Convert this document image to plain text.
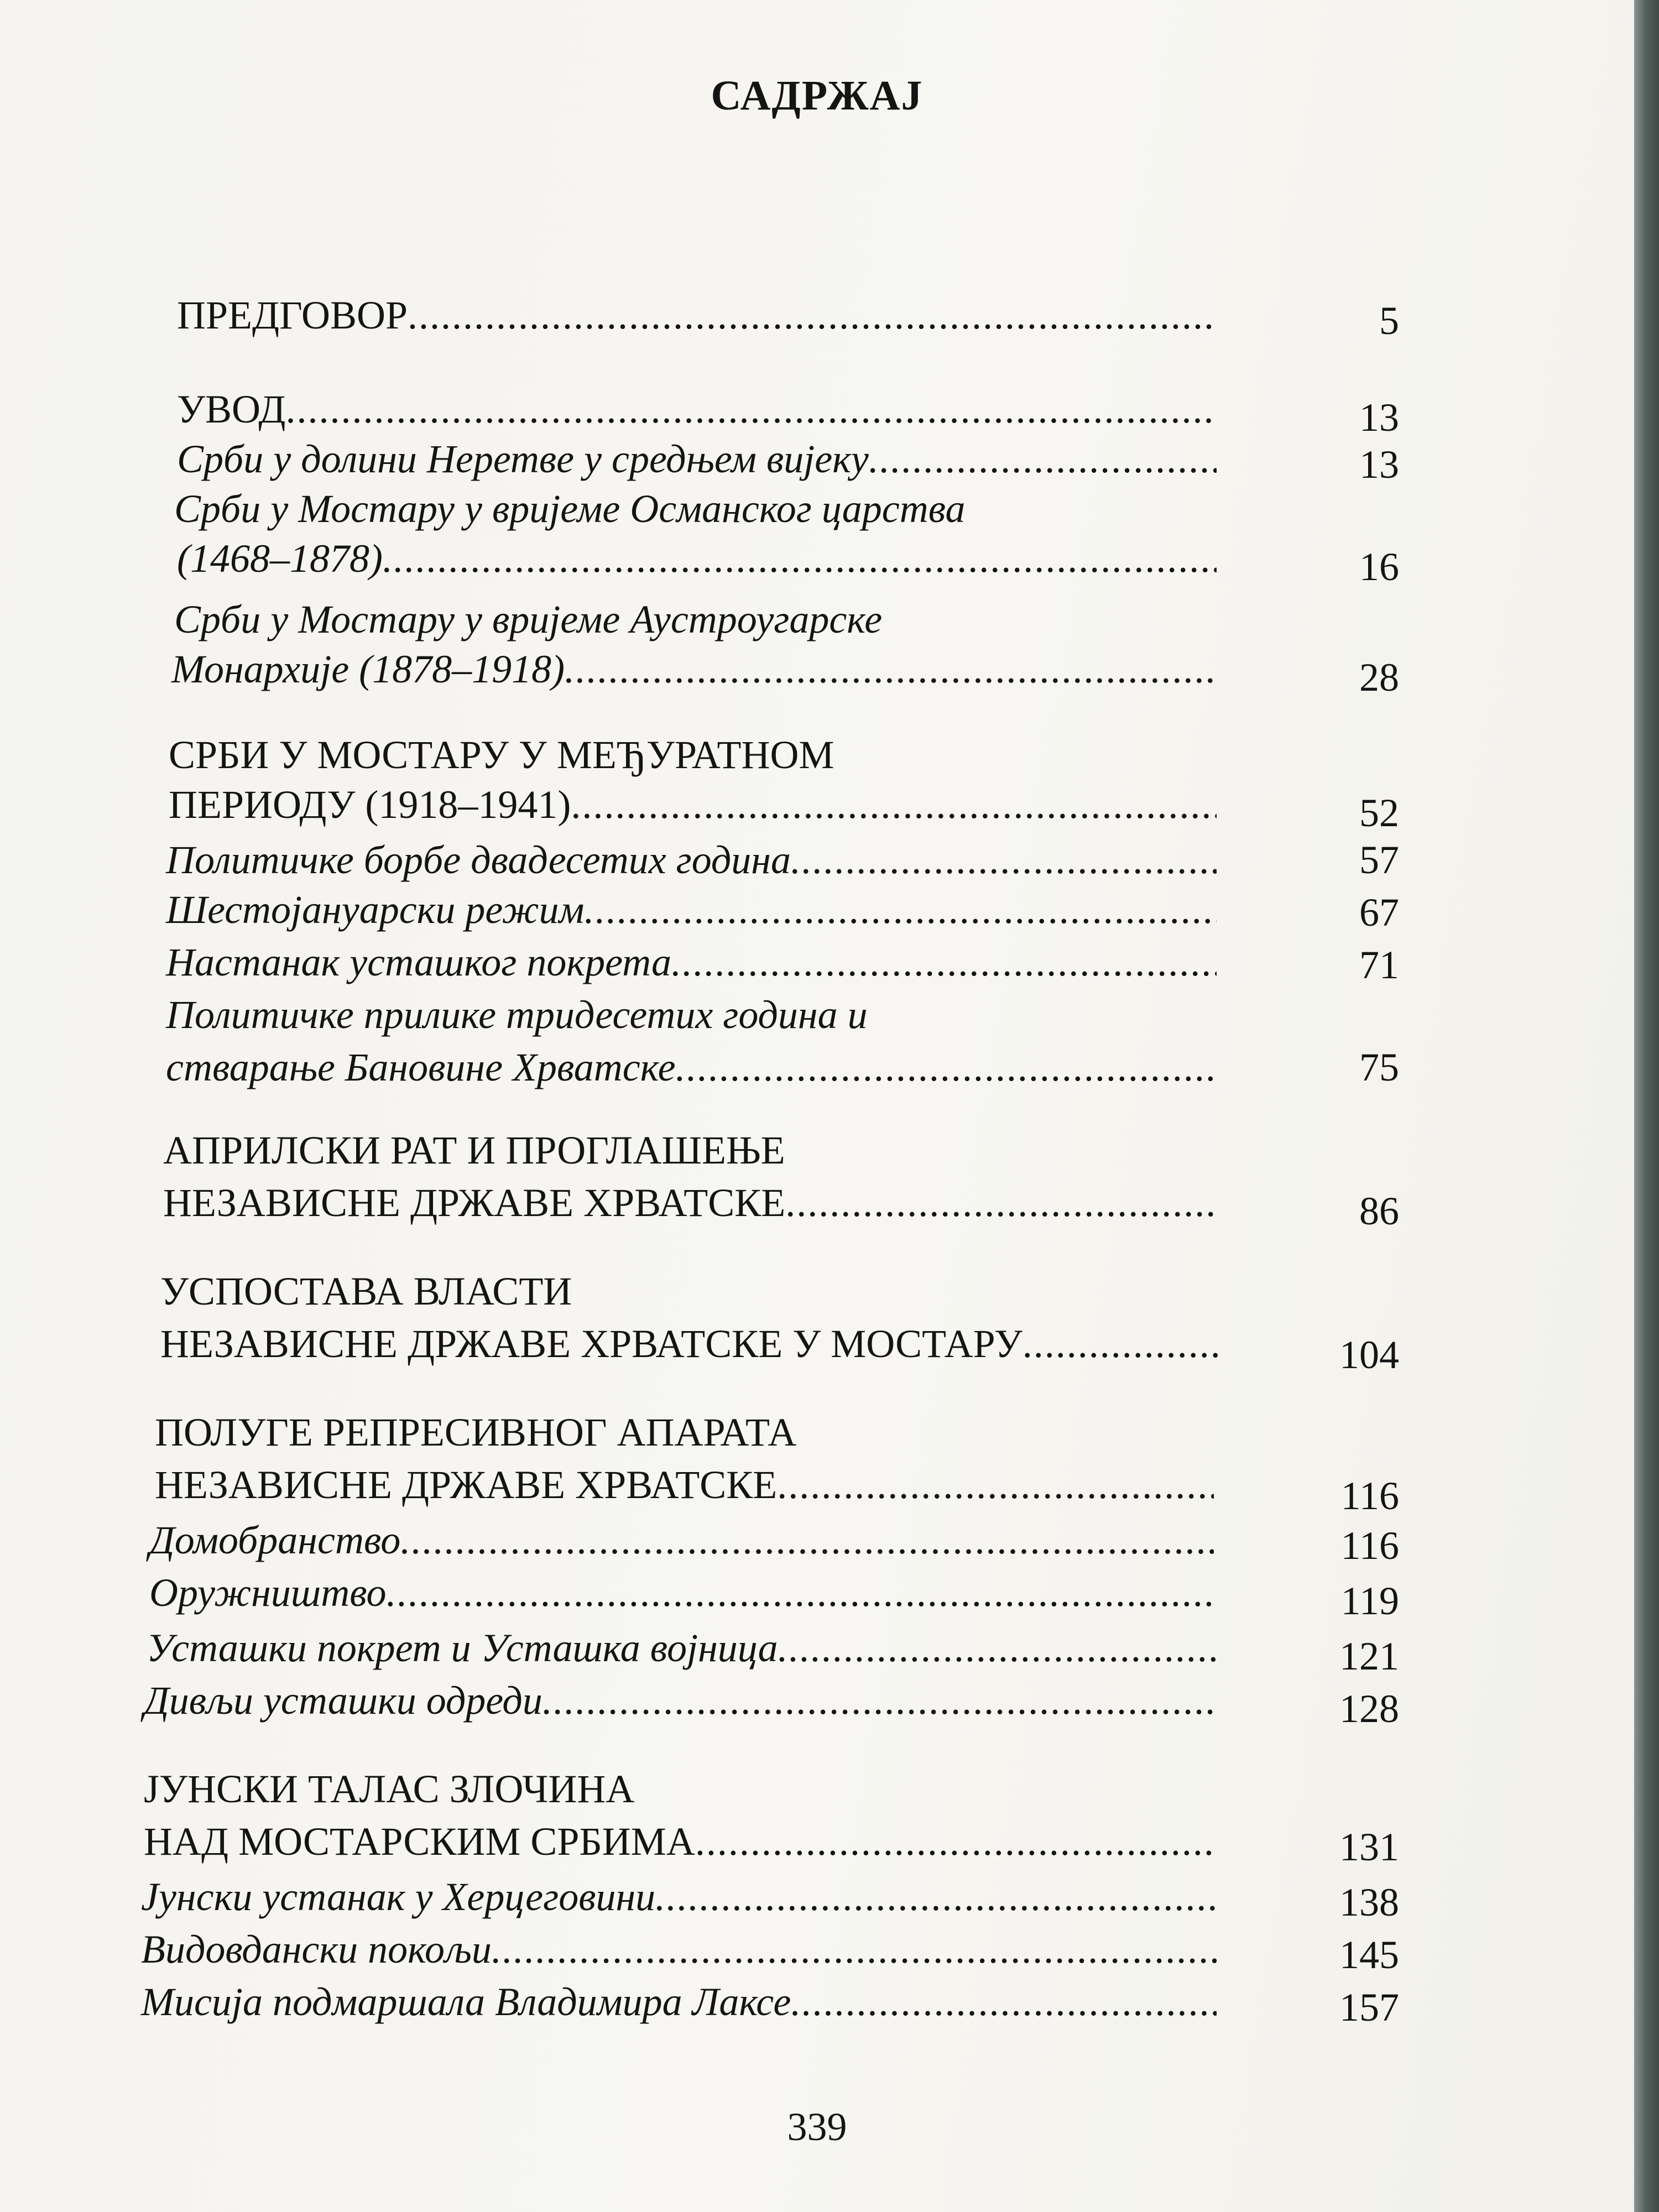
САДРЖАЈ
ПРЕДГОВОР .....	5
УВОД .....	13
Срби у долини Неретве у средњем вијеку .....	13
Срби у Мостару у вријеме Османског царства
(1468–1878) .....	16
Срби у Мостару у вријеме Аустроугарске
Монархије (1878–1918) .....	28
СРБИ У МОСТАРУ У МЕЂУРАТНОМ
ПЕРИОДУ (1918–1941) .....	52
Политичке борбе двадесетих година .....	57
Шестојануарски режим .....	67
Настанак усташког покрета .....	71
Политичке прилике тридесетих година и
стварање Бановине Хрватске .....	75
АПРИЛСКИ РАТ И ПРОГЛАШЕЊЕ
НЕЗАВИСНЕ ДРЖАВЕ ХРВАТСКЕ .....	86
УСПОСТАВА ВЛАСТИ
НЕЗАВИСНЕ ДРЖАВЕ ХРВАТСКЕ У МОСТАРУ .....	104
ПОЛУГЕ РЕПРЕСИВНОГ АПАРАТА
НЕЗАВИСНЕ ДРЖАВЕ ХРВАТСКЕ .....	116
Домобранство .....	116
Оружништво .....	119
Усташки покрет и Усташка војница .....	121
Дивљи усташки одреди .....	128
ЈУНСКИ ТАЛАС ЗЛОЧИНА
НАД МОСТАРСКИМ СРБИМА .....	131
Јунски устанак у Херцеговини .....	138
Видовдански покољи .....	145
Мисија подмаршала Владимира Лаксе .....	157
339
